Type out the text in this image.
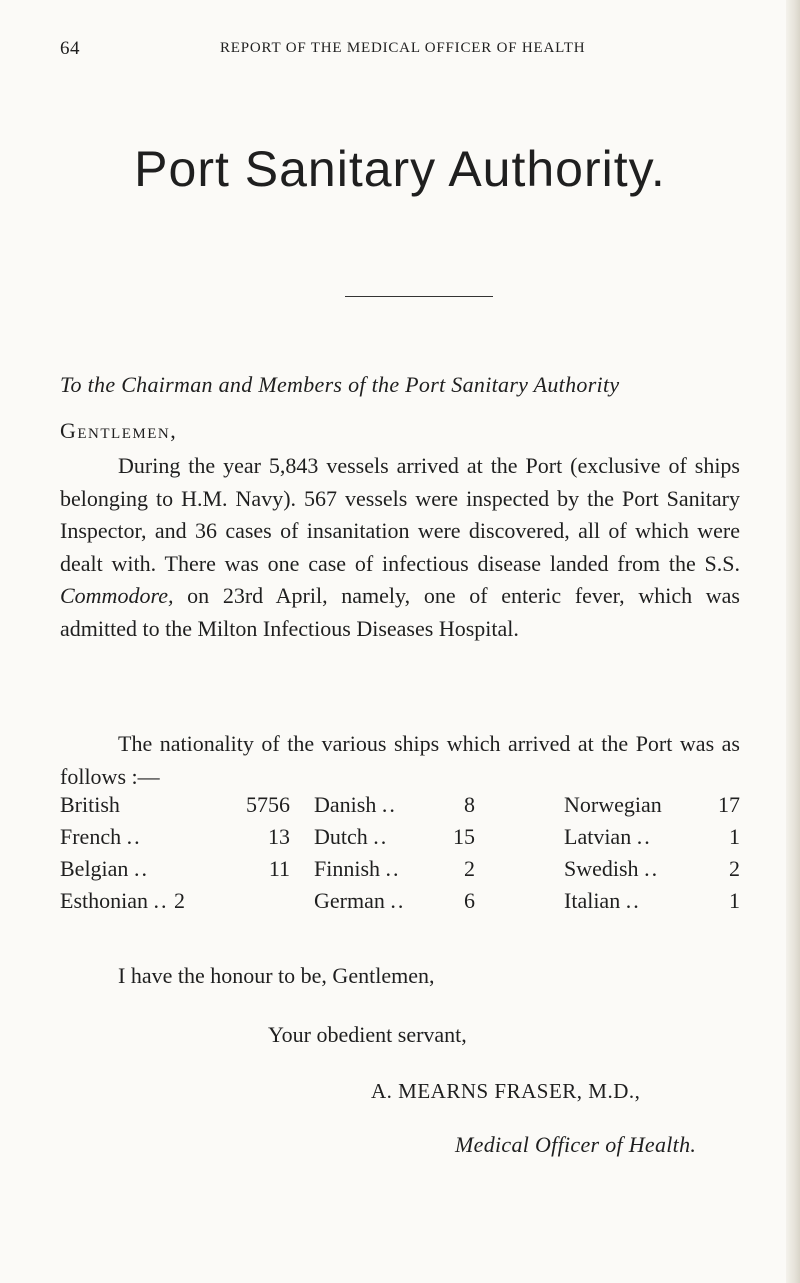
64	REPORT OF THE MEDICAL OFFICER OF HEALTH
Port Sanitary Authority.
To the Chairman and Members of the Port Sanitary Authority
Gentlemen,

During the year 5,843 vessels arrived at the Port (exclusive of ships belonging to H.M. Navy). 567 vessels were inspected by the Port Sanitary Inspector, and 36 cases of insanitation were discovered, all of which were dealt with. There was one case of infectious disease landed from the S.S. Commodore, on 23rd April, namely, one of enteric fever, which was admitted to the Milton Infectious Diseases Hospital.

The nationality of the various ships which arrived at the Port was as follows :—

British	5756 Danish ..	8	Norwegian	17
French ..	13 Dutch ..	15	Latvian ..	1
Belgian ..	11 Finnish ..	2	Swedish ..	2
Esthonian .. 2	German ..	6	Italian ..	1
I have the honour to be, Gentlemen,
Your obedient servant,
A. MEARNS FRASER, M.D.,
Medical Officer of Health.
